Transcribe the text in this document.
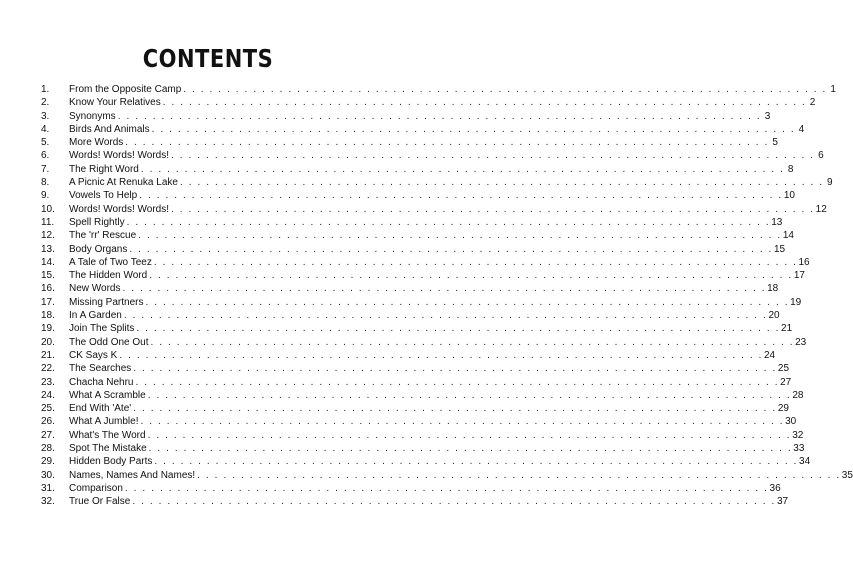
CONTENTS
1.	From the Opposite Camp . . . . . . . . . . . . . . . . . . . . . . . . . . . . . . . . . . . . . . . . . . . . . . . . . . . . . . . . . . . . . . . . . . . . . . . . . . 1
2.	Know Your Relatives . . . . . . . . . . . . . . . . . . . . . . . . . . . . . . . . . . . . . . . . . . . . . . . . . . . . . . . . . . . . . . . . . . . . . . . . . . 2
3.	Synonyms . . . . . . . . . . . . . . . . . . . . . . . . . . . . . . . . . . . . . . . . . . . . . . . . . . . . . . . . . . . . . . . . . . . . . . . . . . 3
4.	Birds And Animals . . . . . . . . . . . . . . . . . . . . . . . . . . . . . . . . . . . . . . . . . . . . . . . . . . . . . . . . . . . . . . . . . . . . . . . . . . 4
5.	More Words . . . . . . . . . . . . . . . . . . . . . . . . . . . . . . . . . . . . . . . . . . . . . . . . . . . . . . . . . . . . . . . . . . . . . . . . . . 5
6.	Words! Words! Words! . . . . . . . . . . . . . . . . . . . . . . . . . . . . . . . . . . . . . . . . . . . . . . . . . . . . . . . . . . . . . . . . . . . . . . . . . . 6
7.	The Right Word . . . . . . . . . . . . . . . . . . . . . . . . . . . . . . . . . . . . . . . . . . . . . . . . . . . . . . . . . . . . . . . . . . . . . . . . . . 8
8.	A Picnic At Renuka Lake . . . . . . . . . . . . . . . . . . . . . . . . . . . . . . . . . . . . . . . . . . . . . . . . . . . . . . . . . . . . . . . . . . . . . . . . . . 9
9.	Vowels To Help . . . . . . . . . . . . . . . . . . . . . . . . . . . . . . . . . . . . . . . . . . . . . . . . . . . . . . . . . . . . . . . . . . . . . . . . . . 10
10.	Words! Words! Words! . . . . . . . . . . . . . . . . . . . . . . . . . . . . . . . . . . . . . . . . . . . . . . . . . . . . . . . . . . . . . . . . . . . . . . . . . . 12
11.	Spell Rightly . . . . . . . . . . . . . . . . . . . . . . . . . . . . . . . . . . . . . . . . . . . . . . . . . . . . . . . . . . . . . . . . . . . . . . . . . . 13
12.	The 'rr' Rescue . . . . . . . . . . . . . . . . . . . . . . . . . . . . . . . . . . . . . . . . . . . . . . . . . . . . . . . . . . . . . . . . . . . . . . . . . . 14
13.	Body Organs . . . . . . . . . . . . . . . . . . . . . . . . . . . . . . . . . . . . . . . . . . . . . . . . . . . . . . . . . . . . . . . . . . . . . . . . . . 15
14.	A Tale of Two Teez . . . . . . . . . . . . . . . . . . . . . . . . . . . . . . . . . . . . . . . . . . . . . . . . . . . . . . . . . . . . . . . . . . . . . . . . . . 16
15.	The Hidden Word . . . . . . . . . . . . . . . . . . . . . . . . . . . . . . . . . . . . . . . . . . . . . . . . . . . . . . . . . . . . . . . . . . . . . . . . . . 17
16.	New Words . . . . . . . . . . . . . . . . . . . . . . . . . . . . . . . . . . . . . . . . . . . . . . . . . . . . . . . . . . . . . . . . . . . . . . . . . . 18
17.	Missing Partners . . . . . . . . . . . . . . . . . . . . . . . . . . . . . . . . . . . . . . . . . . . . . . . . . . . . . . . . . . . . . . . . . . . . . . . . . . 19
18.	In A Garden . . . . . . . . . . . . . . . . . . . . . . . . . . . . . . . . . . . . . . . . . . . . . . . . . . . . . . . . . . . . . . . . . . . . . . . . . . 20
19.	Join The Splits . . . . . . . . . . . . . . . . . . . . . . . . . . . . . . . . . . . . . . . . . . . . . . . . . . . . . . . . . . . . . . . . . . . . . . . . . . 21
20.	The Odd One Out . . . . . . . . . . . . . . . . . . . . . . . . . . . . . . . . . . . . . . . . . . . . . . . . . . . . . . . . . . . . . . . . . . . . . . . . . . 23
21.	CK Says K . . . . . . . . . . . . . . . . . . . . . . . . . . . . . . . . . . . . . . . . . . . . . . . . . . . . . . . . . . . . . . . . . . . . . . . . . . 24
22.	The Searches . . . . . . . . . . . . . . . . . . . . . . . . . . . . . . . . . . . . . . . . . . . . . . . . . . . . . . . . . . . . . . . . . . . . . . . . . . 25
23.	Chacha Nehru . . . . . . . . . . . . . . . . . . . . . . . . . . . . . . . . . . . . . . . . . . . . . . . . . . . . . . . . . . . . . . . . . . . . . . . . . . 27
24.	What A Scramble . . . . . . . . . . . . . . . . . . . . . . . . . . . . . . . . . . . . . . . . . . . . . . . . . . . . . . . . . . . . . . . . . . . . . . . . . . 28
25.	End With 'Ate' . . . . . . . . . . . . . . . . . . . . . . . . . . . . . . . . . . . . . . . . . . . . . . . . . . . . . . . . . . . . . . . . . . . . . . . . . . 29
26.	What A Jumble! . . . . . . . . . . . . . . . . . . . . . . . . . . . . . . . . . . . . . . . . . . . . . . . . . . . . . . . . . . . . . . . . . . . . . . . . . . 30
27.	What's The Word . . . . . . . . . . . . . . . . . . . . . . . . . . . . . . . . . . . . . . . . . . . . . . . . . . . . . . . . . . . . . . . . . . . . . . . . . . 32
28.	Spot The Mistake . . . . . . . . . . . . . . . . . . . . . . . . . . . . . . . . . . . . . . . . . . . . . . . . . . . . . . . . . . . . . . . . . . . . . . . . . . 33
29.	Hidden Body Parts . . . . . . . . . . . . . . . . . . . . . . . . . . . . . . . . . . . . . . . . . . . . . . . . . . . . . . . . . . . . . . . . . . . . . . . . . . 34
30.	Names, Names And Names! . . . . . . . . . . . . . . . . . . . . . . . . . . . . . . . . . . . . . . . . . . . . . . . . . . . . . . . . . . . . . . . . . . . . . . . . . . 35
31.	Comparison . . . . . . . . . . . . . . . . . . . . . . . . . . . . . . . . . . . . . . . . . . . . . . . . . . . . . . . . . . . . . . . . . . . . . . . . . . 36
32.	True Or False . . . . . . . . . . . . . . . . . . . . . . . . . . . . . . . . . . . . . . . . . . . . . . . . . . . . . . . . . . . . . . . . . . . . . . . . . . 37
